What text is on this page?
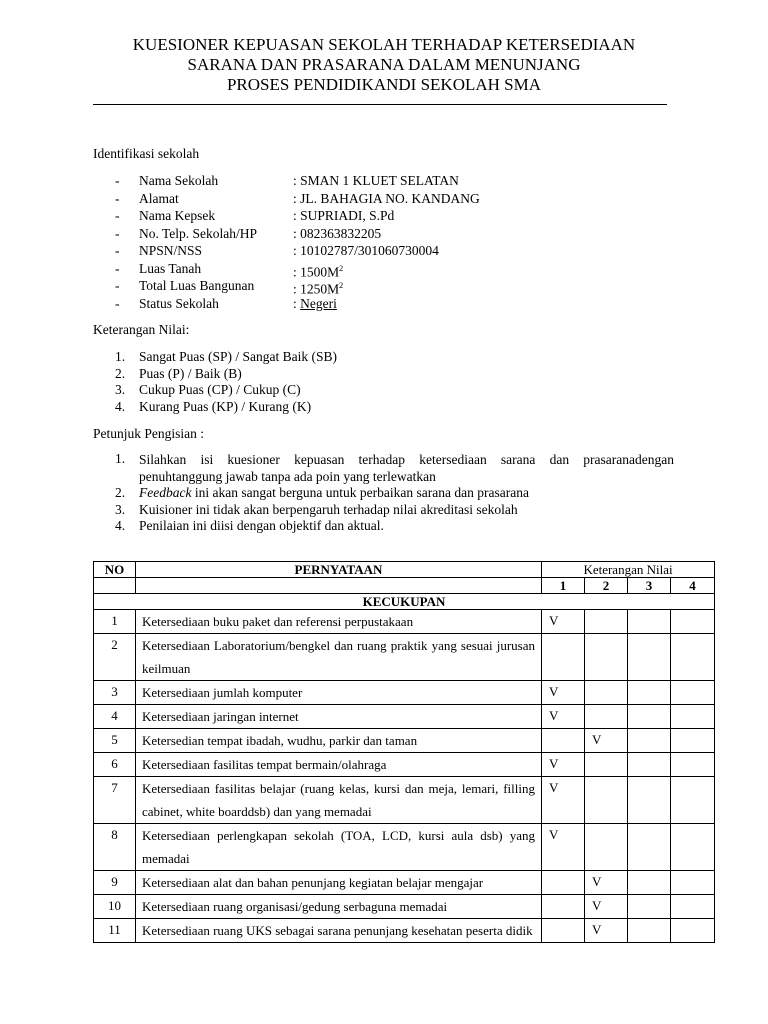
KUESIONER KEPUASAN SEKOLAH TERHADAP KETERSEDIAAN
SARANA DAN PRASARANA DALAM MENUNJANG
PROSES PENDIDIKANDI SEKOLAH SMA
Identifikasi sekolah
- Nama Sekolah	: SMAN 1 KLUET SELATAN
- Alamat	: JL. BAHAGIA NO. KANDANG
- Nama Kepsek	: SUPRIADI, S.Pd
- No. Telp. Sekolah/HP	: 082363832205
- NPSN/NSS	: 10102787/301060730004
- Luas Tanah	: $1500M^2$
- Total Luas Bangunan	: $1250M^2$
- Status Sekolah	: Negeri
Keterangan Nilai:
1. Sangat Puas (SP) / Sangat Baik (SB)
2. Puas (P) / Baik (B)
3. Cukup Puas (CP) / Cukup (C)
4. Kurang Puas (KP) / Kurang (K)
Petunjuk Pengisian :
1. Silahkan isi kuesioner kepuasan terhadap ketersediaan sarana dan prasaranadengan
penuhtanggung jawab tanpa ada poin yang terlewatkan
2. Feedback ini akan sangat berguna untuk perbaikan sarana dan prasarana
3. Kuisioner ini tidak akan berpengaruh terhadap nilai akreditasi sekolah
4. Penilaian ini diisi dengan objektif dan aktual.
NO	PERNYATAAN	Keterangan Nilai			
		1	2	3	4
KECUKUPAN					
1	Ketersediaan buku paket dan referensi perpustakaan	V			
2	Ketersediaan Laboratorium/bengkel dan ruang praktik yang sesuai jurusan keilmuan				
3	Ketersediaan jumlah komputer	V			
4	Ketersediaan jaringan internet	V			
5	Ketersedian tempat ibadah, wudhu, parkir dan taman		V		
6	Ketersediaan fasilitas tempat bermain/olahraga	V			
7	Ketersediaan fasilitas belajar (ruang kelas, kursi dan meja, lemari, filling cabinet, white boarddsb) dan yang memadai	V			
8	Ketersediaan perlengkapan sekolah (TOA, LCD, kursi aula dsb) yang memadai	V			
9	Ketersediaan alat dan bahan penunjang kegiatan belajar mengajar		V		
10	Ketersediaan ruang organisasi/gedung serbaguna memadai		V		
11	Ketersediaan ruang UKS sebagai sarana penunjang kesehatan peserta didik		V		
